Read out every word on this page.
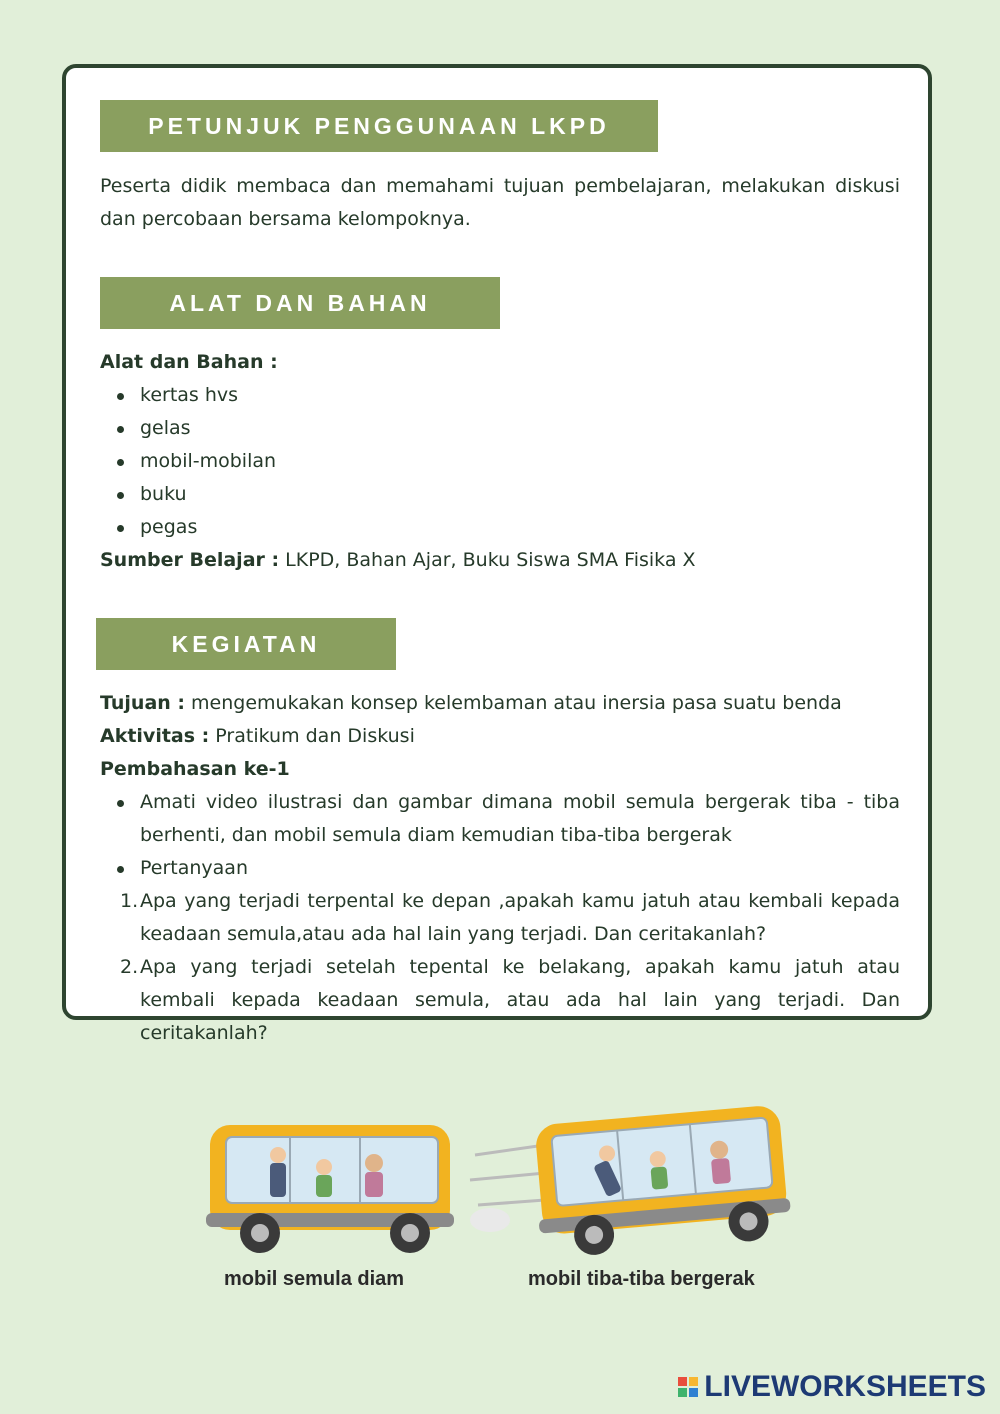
PETUNJUK PENGGUNAAN LKPD
Peserta didik membaca dan memahami tujuan pembelajaran, melakukan diskusi dan percobaan bersama kelompoknya.
ALAT DAN BAHAN
Alat dan Bahan :
kertas hvs
gelas
mobil-mobilan
buku
pegas
Sumber Belajar : LKPD, Bahan Ajar, Buku Siswa SMA Fisika X
KEGIATAN
Tujuan : mengemukakan konsep kelembaman atau inersia pasa suatu benda
Aktivitas : Pratikum dan Diskusi
Pembahasan ke-1
Amati video ilustrasi dan gambar dimana mobil semula bergerak tiba - tiba berhenti, dan mobil semula diam kemudian tiba-tiba bergerak
Pertanyaan
1. Apa yang terjadi terpental ke depan ,apakah kamu jatuh atau kembali kepada keadaan semula,atau ada hal lain yang terjadi. Dan ceritakanlah?
2. Apa yang terjadi setelah tepental ke belakang, apakah kamu jatuh atau kembali kepada keadaan semula, atau ada hal lain yang terjadi. Dan ceritakanlah?
mobil semula diam	mobil tiba-tiba bergerak
LIVEWORKSHEETS
